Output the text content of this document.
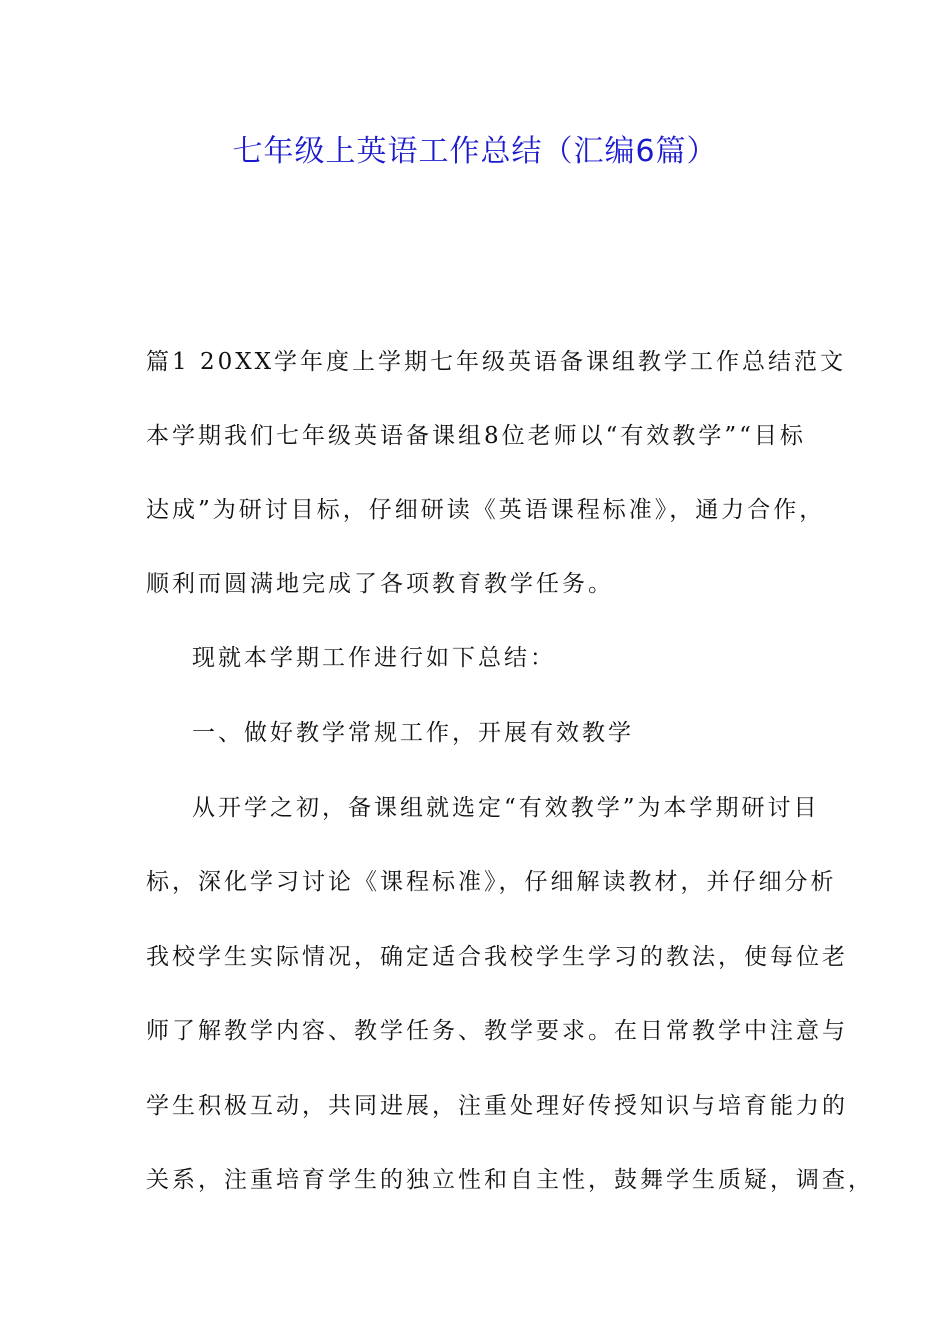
七年级上英语工作总结（汇编6篇）
篇1 20XX学年度上学期七年级英语备课组教学工作总结范文
本学期我们七年级英语备课组8位老师以“有效教学”“目标
达成”为研讨目标，仔细研读《英语课程标准》，通力合作，
顺利而圆满地完成了各项教育教学任务。
现就本学期工作进行如下总结：
一、做好教学常规工作，开展有效教学
从开学之初，备课组就选定“有效教学”为本学期研讨目
标，深化学习讨论《课程标准》，仔细解读教材，并仔细分析
我校学生实际情况，确定适合我校学生学习的教法，使每位老
师了解教学内容、教学任务、教学要求。在日常教学中注意与
学生积极互动，共同进展，注重处理好传授知识与培育能力的
关系，注重培育学生的独立性和自主性，鼓舞学生质疑，调查，
